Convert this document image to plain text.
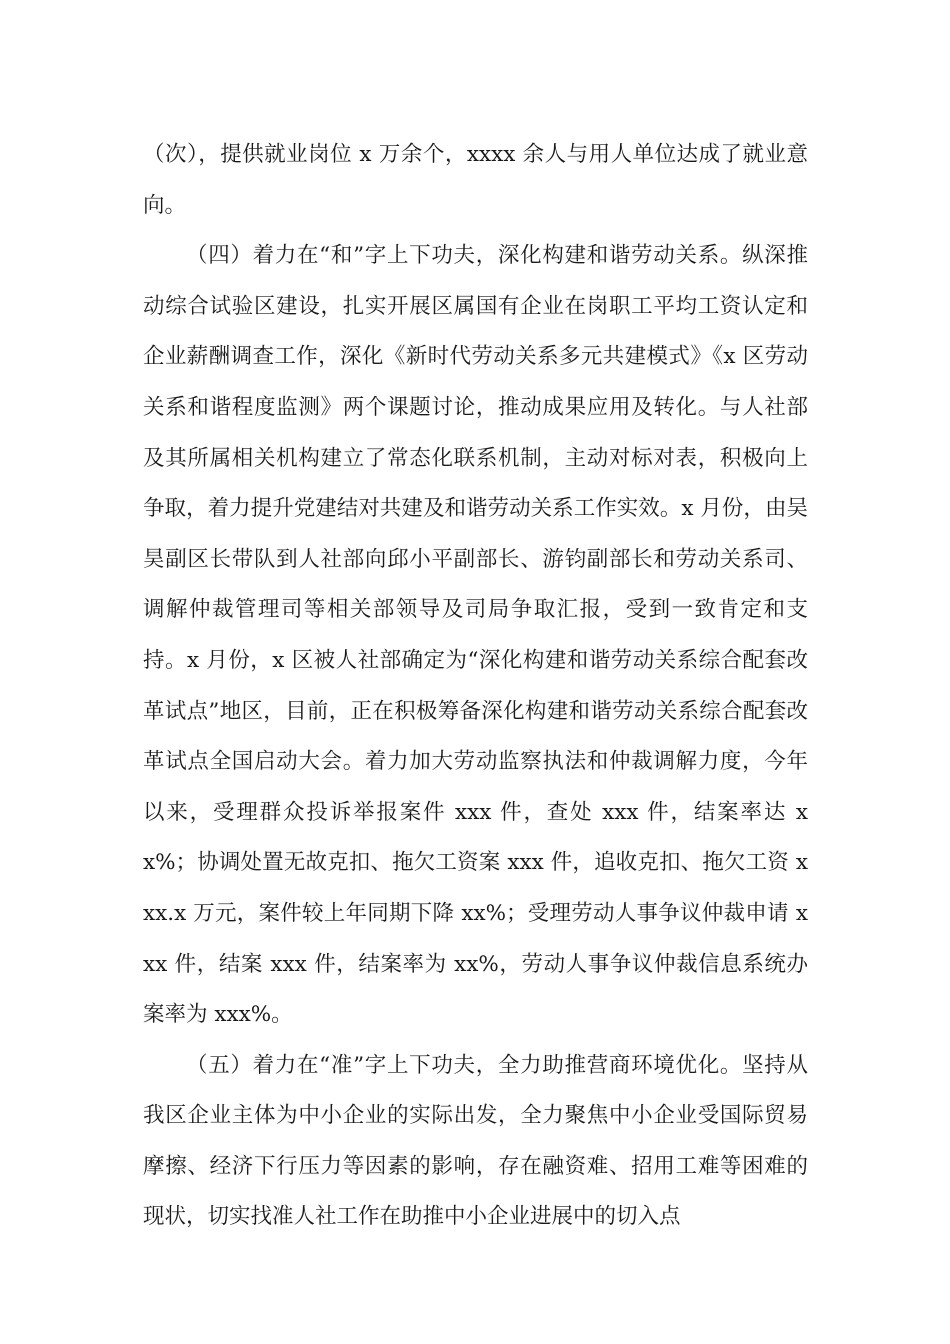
（次），提供就业岗位 x 万余个，xxxx 余人与用人单位达成了就业意向。

（四）着力在“和”字上下功夫，深化构建和谐劳动关系。纵深推动综合试验区建设，扎实开展区属国有企业在岗职工平均工资认定和企业薪酬调查工作，深化《新时代劳动关系多元共建模式》《x 区劳动关系和谐程度监测》两个课题讨论，推动成果应用及转化。与人社部及其所属相关机构建立了常态化联系机制，主动对标对表，积极向上争取，着力提升党建结对共建及和谐劳动关系工作实效。x 月份，由吴昊副区长带队到人社部向邱小平副部长、游钧副部长和劳动关系司、调解仲裁管理司等相关部领导及司局争取汇报，受到一致肯定和支持。x 月份，x 区被人社部确定为“深化构建和谐劳动关系综合配套改革试点”地区，目前，正在积极筹备深化构建和谐劳动关系综合配套改革试点全国启动大会。着力加大劳动监察执法和仲裁调解力度，今年以来，受理群众投诉举报案件 xxx 件，查处 xxx 件，结案率达 xx%；协调处置无故克扣、拖欠工资案 xxx 件，追收克扣、拖欠工资 xxx.x 万元，案件较上年同期下降 xx%；受理劳动人事争议仲裁申请 xxx 件，结案 xxx 件，结案率为 xx%，劳动人事争议仲裁信息系统办案率为 xxx%。

（五）着力在“准”字上下功夫，全力助推营商环境优化。坚持从我区企业主体为中小企业的实际出发，全力聚焦中小企业受国际贸易摩擦、经济下行压力等因素的影响，存在融资难、招用工难等困难的现状，切实找准人社工作在助推中小企业进展中的切入点
